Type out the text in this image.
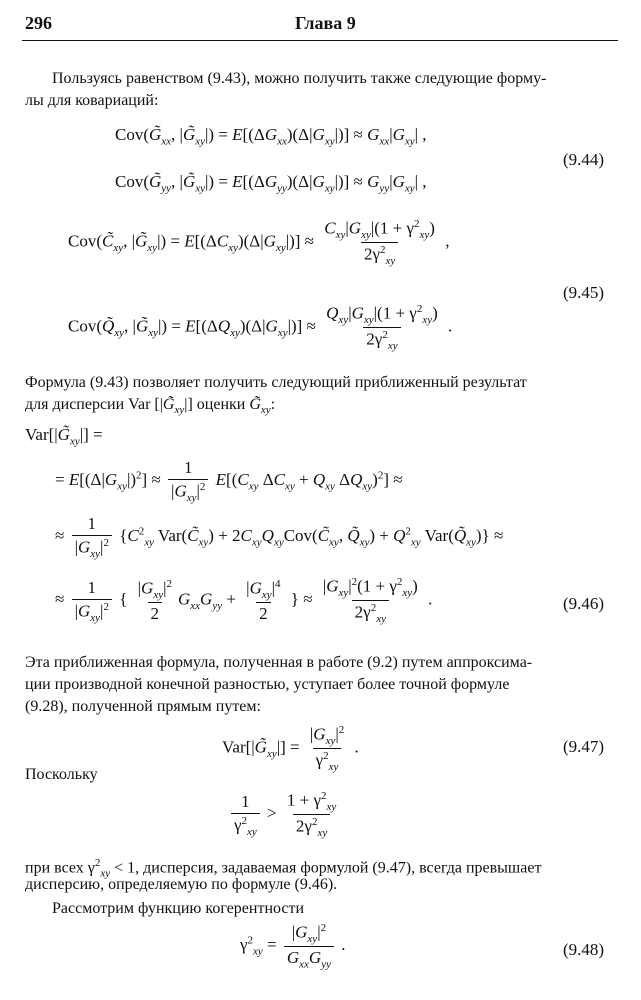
296	Глава 9
Пользуясь равенством (9.43), можно получить также следующие форму-
лы для ковариаций:
$Cov(G̃_{xx}$, $|G̃_{xy}|) = E[(\Delta G_{xx})(\Delta|G_{xy}|)] \approx G_{xx}|G_{xy}|$ ,
$Cov(G̃_{yy}$, $|G̃_{xy}|) = E[(\Delta G_{yy})(\Delta|G_{xy}|)] \approx G_{yy}|G_{xy}|$ ,
(9.44)
$Cov(C̃_{xy}$, $|G̃_{xy}|) = E[(\Delta C_{xy})(\Delta|G_{xy}|)] \approx \frac{C_{xy}|G_{xy}|(1 + \gamma^2_{xy})}{2\gamma^2_{xy}}$ ,
(9.45)
$Cov(Q̃_{xy}$, $|G̃_{xy}|) = E[(\Delta Q_{xy})(\Delta|G_{xy}|)] \approx \frac{Q_{xy}|G_{xy}|(1 + \gamma^2_{xy})}{2\gamma^2_{xy}}$ .
Формула (9.43) позволяет получить следующий приближенный результат
для дисперсии Var $[|G̃_{xy}|]$ оценки $G̃_{xy}$:
$Var[|G̃_{xy}|]$ =
= $E[(\Delta|G_{xy}|)^2] \approx \frac{1}{|G_{xy}|^2} E[(C_{xy}$ $\Delta C_{xy} + Q_{xy}$ $\Delta Q_{xy})^2$] ≈
≈ $\frac{1}{|G_{xy}|^2} \{C^2_{xy}$ $Var(C̃_{xy})$ + $2C_{xy}Q_{xy}Cov(C̃_{xy}$, $Q̃_{xy}) + Q^2_{xy}$ $Var(Q̃_{xy})$} ≈
≈ $\frac{1}{|G_{xy}|^2}$ { $\frac{|G_{xy}|^2}{2} G_{xx}G_{yy} + \frac{|G_{xy}|^4}{2}$ } ≈ $\frac{|G_{xy}|^2(1 + \gamma^2_{xy})}{2\gamma^2_{xy}}$ .	(9.46)
Эта приближенная формула, полученная в работе (9.2) путем аппроксима-
ции производной конечной разностью, уступает более точной формуле
(9.28), полученной прямым путем:
$Var[|G̃_{xy}|] = \frac{|G_{xy}|^2}{\gamma^2_{xy}}$ .	(9.47)
Поскольку
$\frac{1}{\gamma^2_{xy}} > \frac{1 + \gamma^2_{xy}}{2\gamma^2_{xy}}$
при всех $\gamma^2_{xy} < 1$, дисперсия, задаваемая формулой (9.47), всегда превышает
дисперсию, определяемую по формуле (9.46).
Рассмотрим функцию когерентности
$\gamma^2_{xy} = \frac{|G_{xy}|^2}{G_{xx}G_{yy}}$ .	(9.48)
